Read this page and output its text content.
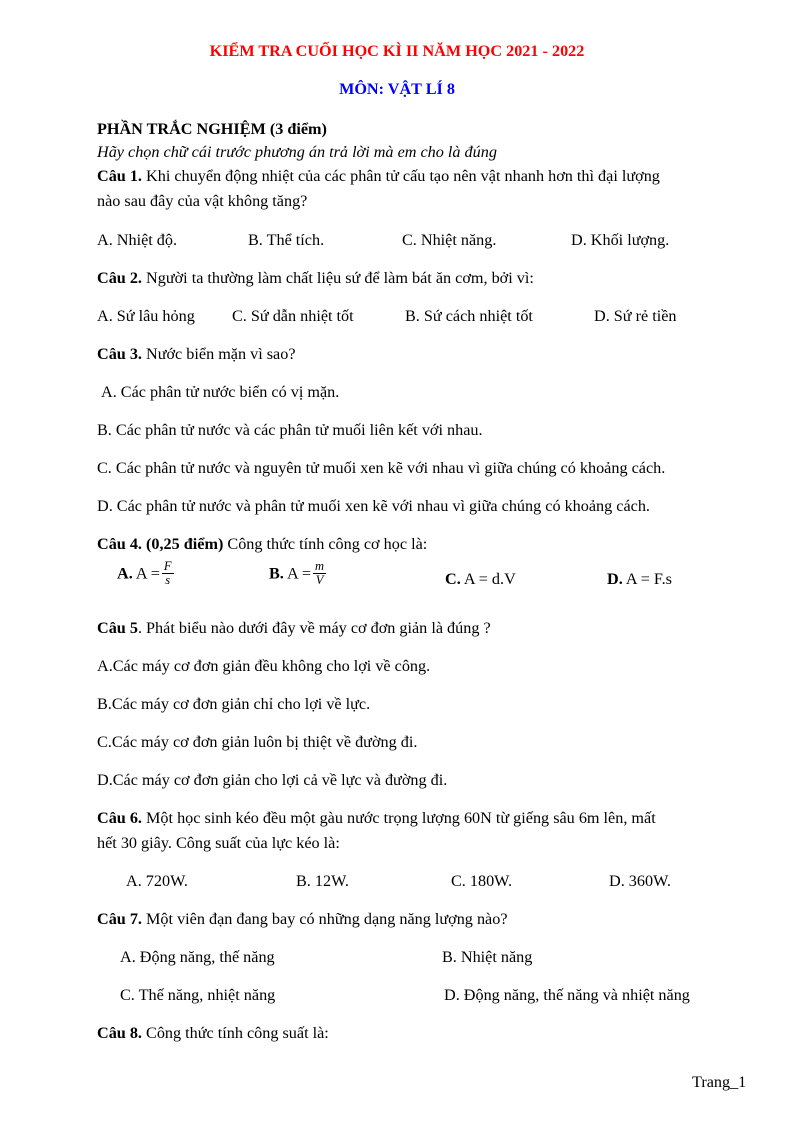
KIỂM TRA CUỐI HỌC KÌ II NĂM HỌC 2021 - 2022
MÔN: VẬT LÍ 8
PHẦN TRẮC NGHIỆM (3 điểm)
Hãy chọn chữ cái trước phương án trả lời mà em cho là đúng
Câu 1. Khi chuyển động nhiệt của các phân tử cấu tạo nên vật nhanh hơn thì đại lượng
nào sau đây của vật không tăng?
A. Nhiệt độ.	B. Thể tích.	C. Nhiệt năng.	D. Khối lượng.
Câu 2. Người ta thường làm chất liệu sứ để làm bát ăn cơm, bởi vì:
A. Sứ lâu hỏng C. Sứ dẫn nhiệt tốt	B. Sứ cách nhiệt tốt	D. Sứ rẻ tiền
Câu 3. Nước biển mặn vì sao?
A. Các phân tử nước biển có vị mặn.
B. Các phân tử nước và các phân tử muối liên kết với nhau.
C. Các phân tử nước và nguyên tử muối xen kẽ với nhau vì giữa chúng có khoảng cách.
D. Các phân tử nước và phân tử muối xen kẽ với nhau vì giữa chúng có khoảng cách.
Câu 4. (0,25 điểm) Công thức tính công cơ học là:
A. $A = \frac{F}{s}$	B. $A = \frac{m}{V}$	C. A = d.V	D. A = F.s
Câu 5. Phát biểu nào dưới đây về máy cơ đơn giản là đúng ?
A.Các máy cơ đơn giản đều không cho lợi về công.
B.Các máy cơ đơn giản chỉ cho lợi về lực.
C.Các máy cơ đơn giản luôn bị thiệt về đường đi.
D.Các máy cơ đơn giản cho lợi cả về lực và đường đi.
Câu 6. Một học sinh kéo đều một gàu nước trọng lượng 60N từ giếng sâu 6m lên, mất
hết 30 giây. Công suất của lực kéo là:
A. 720W.	B. 12W.	C. 180W.	D. 360W.
Câu 7. Một viên đạn đang bay có những dạng năng lượng nào?
A. Động năng, thế năng	B. Nhiệt năng
C. Thế năng, nhiệt năng	D. Động năng, thế năng và nhiệt năng
Câu 8. Công thức tính công suất là:
Trang_1
